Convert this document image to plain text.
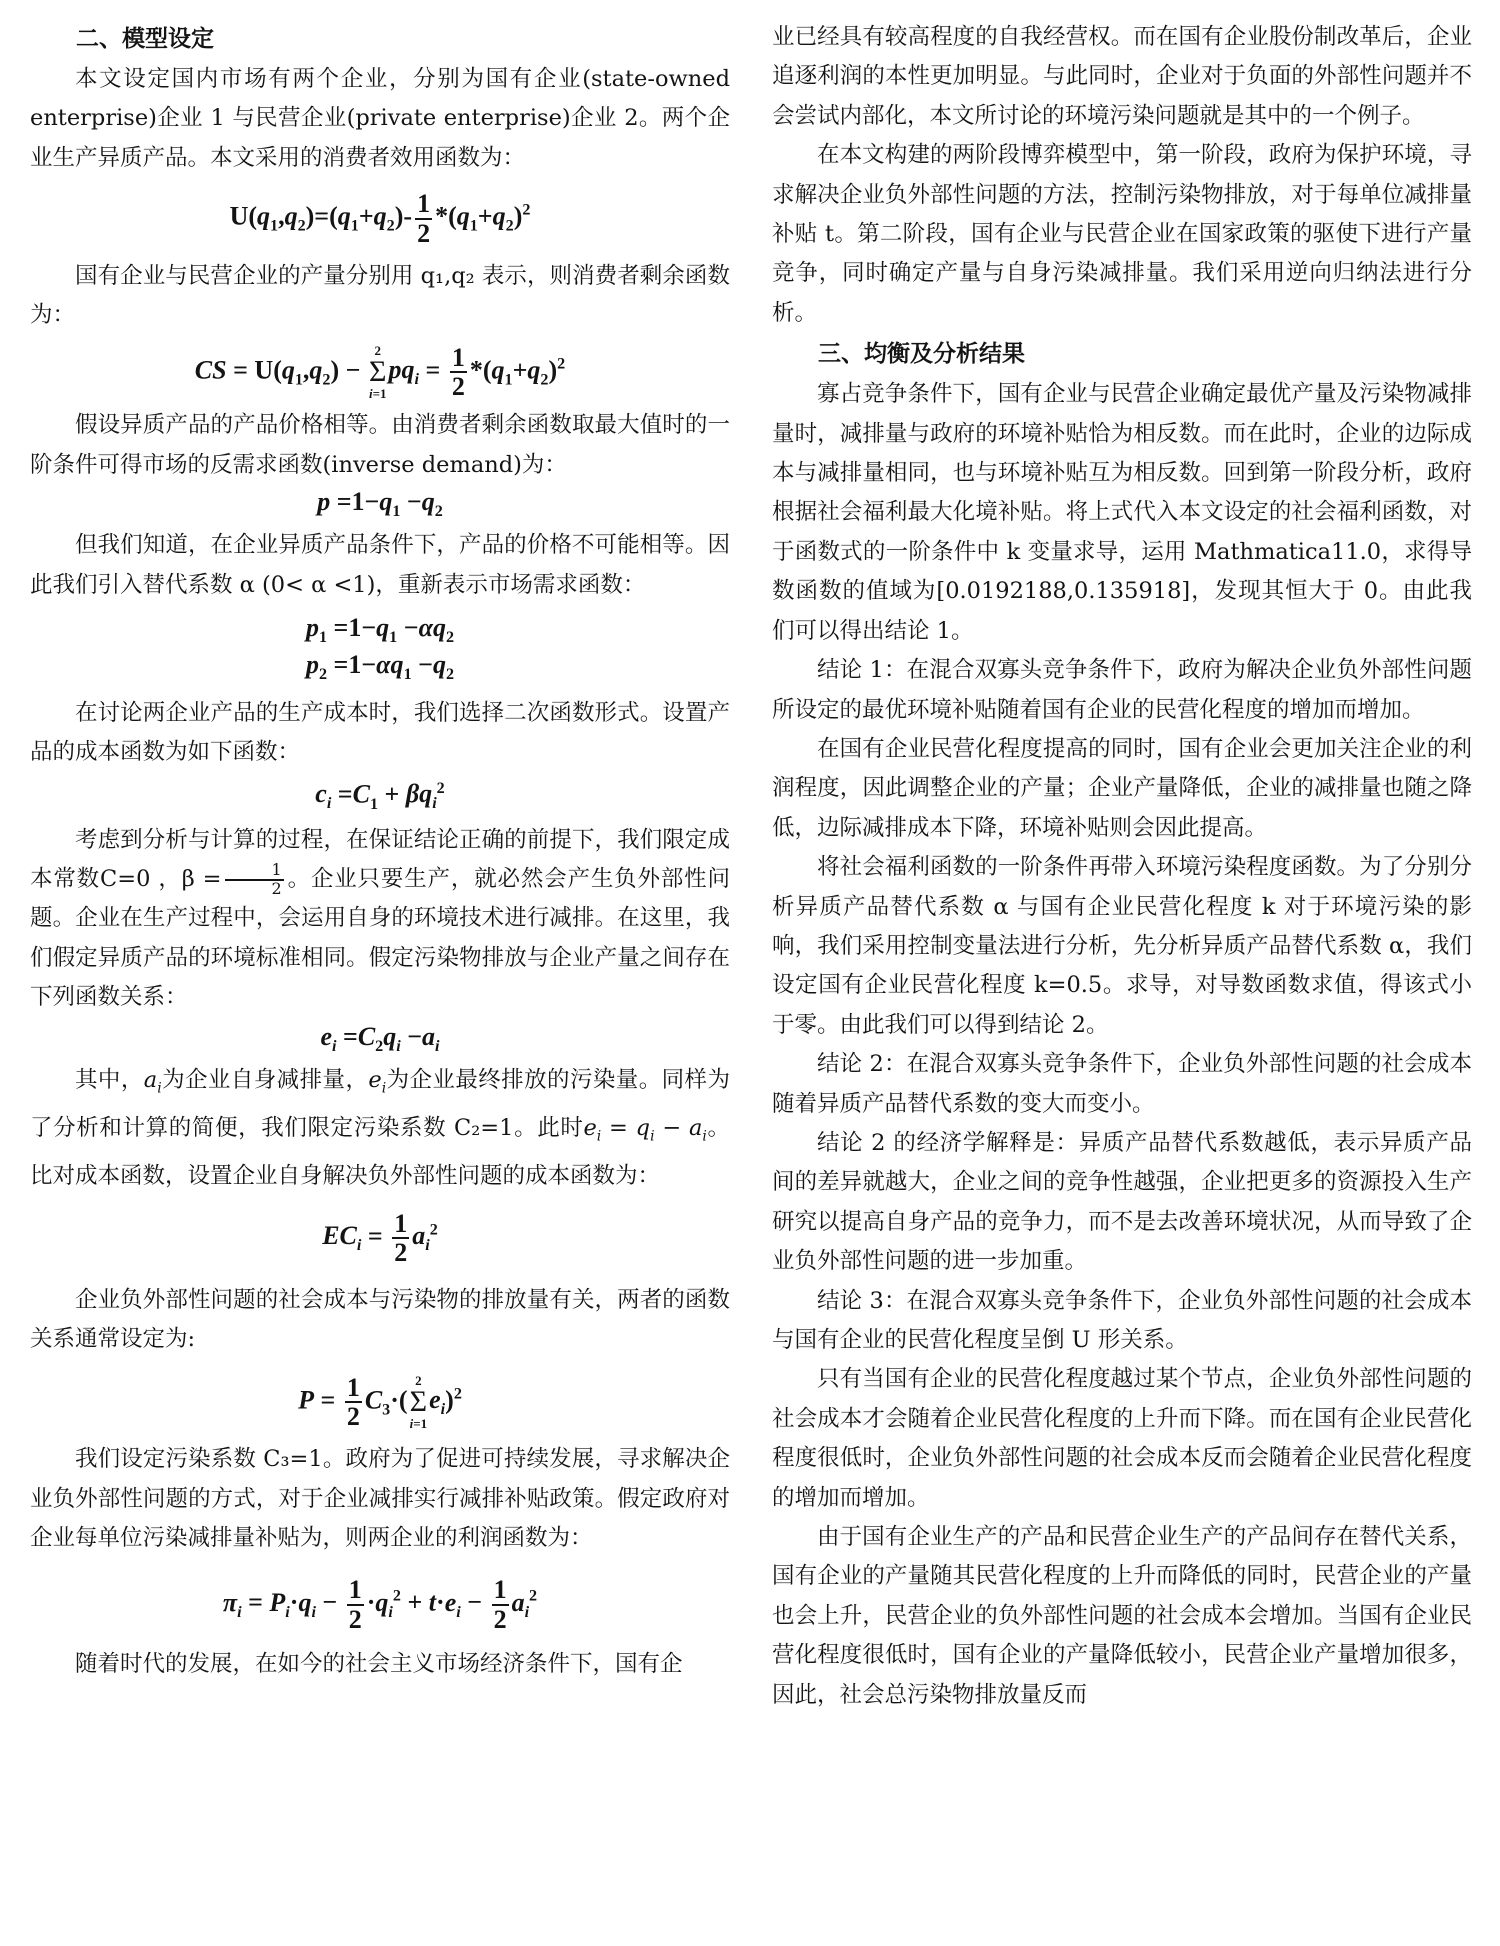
二、模型设定

本文设定国内市场有两个企业，分别为国有企业(state-owned enterprise)企业 1 与民营企业(private enterprise)企业 2。两个企业生产异质产品。本文采用的消费者效用函数为：

$U(q_1,q_2)=(q_1+q_2)- \frac{1}{2} *(q_1+q_2)^2$

国有企业与民营企业的产量分别用 q₁,q₂ 表示，则消费者剩余函数为：

CS = $U(q_1,q_2)$ −
2
Σ
i=1
$pq_i = \frac{1}{2} *(q_1+q_2)^2$

假设异质产品的产品价格相等。由消费者剩余函数取最大值时的一阶条件可得市场的反需求函数(inverse demand)为：

$p =1-q_1 -q_2$

但我们知道，在企业异质产品条件下，产品的价格不可能相等。因此我们引入替代系数 α (0< α <1)，重新表示市场需求函数：

$p_1 =1-q_1 -\alpha q_2$
$p_2 =1-\alpha q_1 -q_2$

在讨论两企业产品的生产成本时，我们选择二次函数形式。设置产品的成本函数为如下函数：

$c_i =C_1 + \beta q_i^2$

考虑到分析与计算的过程，在保证结论正确的前提下，我们限定成本常数C=0 ，$\beta = \frac{1}{2}$ 。企业只要生产，就必然会产生负外部性问题。企业在生产过程中，会运用自身的环境技术进行减排。在这里，我们假定异质产品的环境标准相同。假定污染物排放与企业产量之间存在下列函数关系：

$e_i =C_2q_i -a_i$

其中，$a_i$为企业自身减排量，$e_i$为企业最终排放的污染量。同样为了分析和计算的简便，我们限定污染系数 C₂=1。此时$e_i = q_i - a_i$。比对成本函数，设置企业自身解决负外部性问题的成本函数为：

$EC_i = \frac{1}{2} a_i^2$

企业负外部性问题的社会成本与污染物的排放量有关，两者的函数关系通常设定为:

$P = \frac{1}{2} C_3\cdot$(
2
Σ
i=1
$e_i)^2$

我们设定污染系数 C₃=1。政府为了促进可持续发展，寻求解决企业负外部性问题的方式，对于企业减排实行减排补贴政策。假定政府对企业每单位污染减排量补贴为，则两企业的利润函数为：

$\pi_i = P_i\cdot q_i - \frac{1}{2} \cdot q_i^2 + t\cdot e_i - \frac{1}{2} a_i^2$

随着时代的发展，在如今的社会主义市场经济条件下，国有企

业已经具有较高程度的自我经营权。而在国有企业股份制改革后，企业追逐利润的本性更加明显。与此同时，企业对于负面的外部性问题并不会尝试内部化，本文所讨论的环境污染问题就是其中的一个例子。

在本文构建的两阶段博弈模型中，第一阶段，政府为保护环境，寻求解决企业负外部性问题的方法，控制污染物排放，对于每单位减排量补贴 t。第二阶段，国有企业与民营企业在国家政策的驱使下进行产量竞争，同时确定产量与自身污染减排量。我们采用逆向归纳法进行分析。

三、均衡及分析结果

寡占竞争条件下，国有企业与民营企业确定最优产量及污染物减排量时，减排量与政府的环境补贴恰为相反数。而在此时，企业的边际成本与减排量相同，也与环境补贴互为相反数。回到第一阶段分析，政府根据社会福利最大化境补贴。将上式代入本文设定的社会福利函数，对于函数式的一阶条件中 k 变量求导，运用 Mathmatica11.0，求得导数函数的值域为[0.0192188,0.135918]，发现其恒大于 0。由此我们可以得出结论 1。

结论 1：在混合双寡头竞争条件下，政府为解决企业负外部性问题所设定的最优环境补贴随着国有企业的民营化程度的增加而增加。

在国有企业民营化程度提高的同时，国有企业会更加关注企业的利润程度，因此调整企业的产量；企业产量降低，企业的减排量也随之降低，边际减排成本下降，环境补贴则会因此提高。

将社会福利函数的一阶条件再带入环境污染程度函数。为了分别分析异质产品替代系数 α 与国有企业民营化程度 k 对于环境污染的影响，我们采用控制变量法进行分析，先分析异质产品替代系数 α，我们设定国有企业民营化程度 k=0.5。求导，对导数函数求值，得该式小于零。由此我们可以得到结论 2。

结论 2：在混合双寡头竞争条件下，企业负外部性问题的社会成本随着异质产品替代系数的变大而变小。

结论 2 的经济学解释是：异质产品替代系数越低，表示异质产品间的差异就越大，企业之间的竞争性越强，企业把更多的资源投入生产研究以提高自身产品的竞争力，而不是去改善环境状况，从而导致了企业负外部性问题的进一步加重。

结论 3：在混合双寡头竞争条件下，企业负外部性问题的社会成本与国有企业的民营化程度呈倒 U 形关系。

只有当国有企业的民营化程度越过某个节点，企业负外部性问题的社会成本才会随着企业民营化程度的上升而下降。而在国有企业民营化程度很低时，企业负外部性问题的社会成本反而会随着企业民营化程度的增加而增加。

由于国有企业生产的产品和民营企业生产的产品间存在替代关系，国有企业的产量随其民营化程度的上升而降低的同时，民营企业的产量也会上升，民营企业的负外部性问题的社会成本会增加。当国有企业民营化程度很低时，国有企业的产量降低较小，民营企业产量增加很多，因此，社会总污染物排放量反而
